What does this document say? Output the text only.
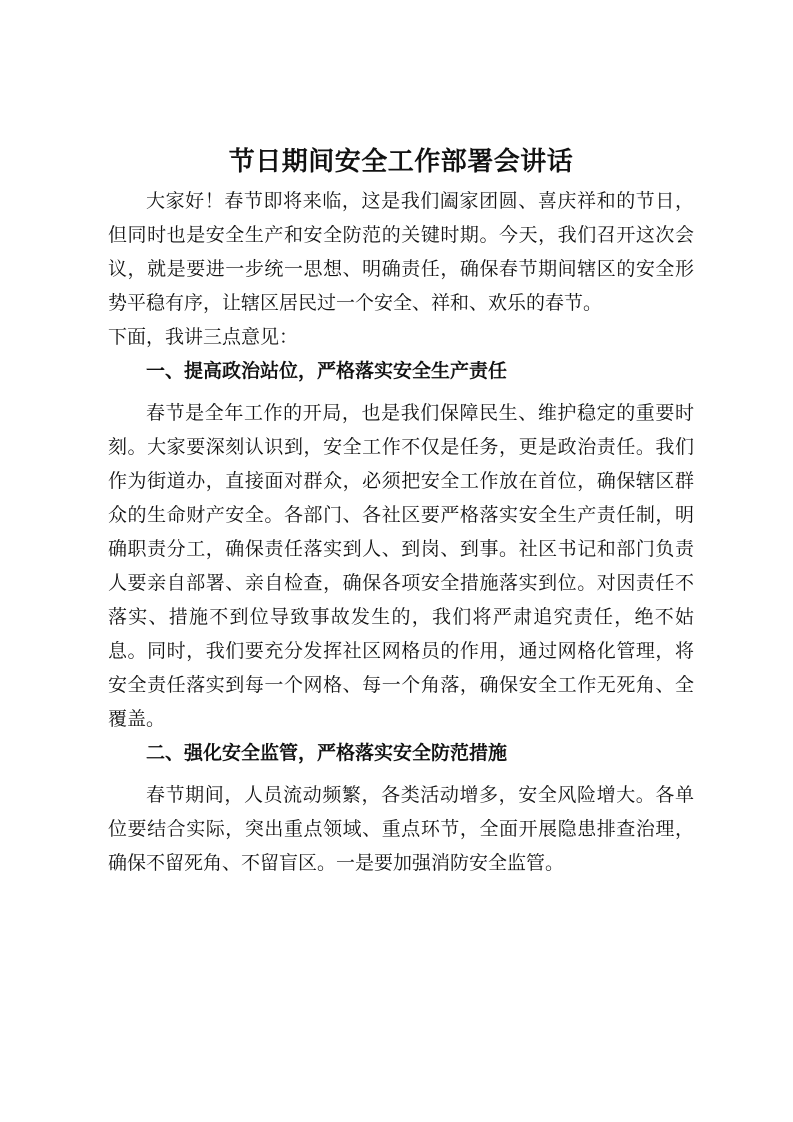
节日期间安全工作部署会讲话

大家好！春节即将来临，这是我们阖家团圆、喜庆祥和的节日，但同时也是安全生产和安全防范的关键时期。今天，我们召开这次会议，就是要进一步统一思想、明确责任，确保春节期间辖区的安全形势平稳有序，让辖区居民过一个安全、祥和、欢乐的春节。

下面，我讲三点意见：

一、提高政治站位，严格落实安全生产责任

春节是全年工作的开局，也是我们保障民生、维护稳定的重要时刻。大家要深刻认识到，安全工作不仅是任务，更是政治责任。我们作为街道办，直接面对群众，必须把安全工作放在首位，确保辖区群众的生命财产安全。各部门、各社区要严格落实安全生产责任制，明确职责分工，确保责任落实到人、到岗、到事。社区书记和部门负责人要亲自部署、亲自检查，确保各项安全措施落实到位。对因责任不落实、措施不到位导致事故发生的，我们将严肃追究责任，绝不姑息。同时，我们要充分发挥社区网格员的作用，通过网格化管理，将安全责任落实到每一个网格、每一个角落，确保安全工作无死角、全覆盖。

二、强化安全监管，严格落实安全防范措施

春节期间，人员流动频繁，各类活动增多，安全风险增大。各单位要结合实际，突出重点领域、重点环节，全面开展隐患排查治理，确保不留死角、不留盲区。一是要加强消防安全监管。
